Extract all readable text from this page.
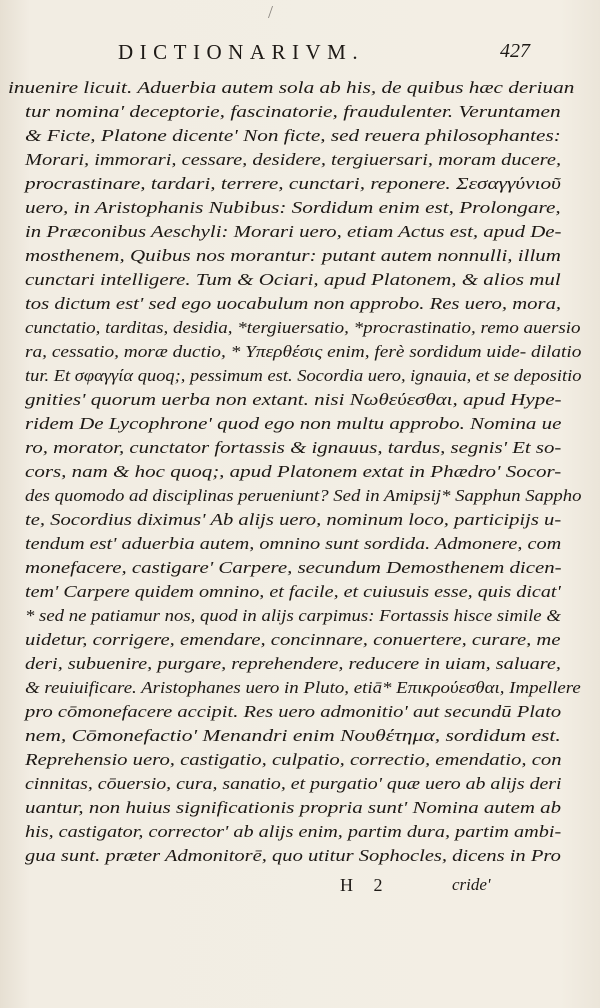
/
DICTIONARIVM.	427
inuenire licuit. Aduerbia autem sola ab his, de quibus hæc deriuan
tur nomina' deceptorie, fascinatorie, fraudulenter. Veruntamen
& Ficte, Platone dicente' Non ficte, sed reuera philosophantes:
Morari, immorari, cessare, desidere, tergiuersari, moram ducere,
procrastinare, tardari, terrere, cunctari, reponere. Σεσαγγύνιοῦ
uero, in Aristophanis Nubibus: Sordidum enim est, Prolongare,
in Præconibus Aeschyli: Morari uero, etiam Actus est, apud De-
mosthenem, Quibus nos morantur: putant autem nonnulli, illum
cunctari intelligere. Tum & Ociari, apud Platonem, & alios mul
tos dictum est' sed ego uocabulum non approbo. Res uero, mora,
cunctatio, tarditas, desidia, *tergiuersatio, *procrastinatio, remo auersio
ra, cessatio, moræ ductio, * Υπερθέσις enim, ferè sordidum uide- dilatio
tur. Et σφαγγία quoq;, pessimum est. Socordia uero, ignauia, et se depositio
gnities' quorum uerba non extant. nisi Νωθεύεσθαι, apud Hype-
ridem De Lycophrone' quod ego non multu approbo. Nomina ue
ro, morator, cunctator fortassis & ignauus, tardus, segnis' Et so-
cors, nam & hoc quoq;, apud Platonem extat in Phædro' Socor-
des quomodo ad disciplinas perueniunt? Sed in Amipsij* Sapphun Sappho
te, Socordius diximus' Ab alijs uero, nominum loco, participijs u-
tendum est' aduerbia autem, omnino sunt sordida. Admonere, com
monefacere, castigare' Carpere, secundum Demosthenem dicen-
tem' Carpere quidem omnino, et facile, et cuiusuis esse, quis dicat'
* sed ne patiamur nos, quod in alijs carpimus: Fortassis hisce simile &
uidetur, corrigere, emendare, concinnare, conuertere, curare, me
deri, subuenire, purgare, reprehendere, reducere in uiam, saluare,
& reuiuificare. Aristophanes uero in Pluto, etiā* Επικρούεσθαι, Impellere
pro cōmonefacere accipit. Res uero admonitio' aut secundū Plato
nem, Cōmonefactio' Menandri enim Νουθέτημα, sordidum est.
Reprehensio uero, castigatio, culpatio, correctio, emendatio, con
cinnitas, cōuersio, cura, sanatio, et purgatio' quæ uero ab alijs deri
uantur, non huius significationis propria sunt' Nomina autem ab
his, castigator, corrector' ab alijs enim, partim dura, partim ambi-
gua sunt. præter Admonitorē, quo utitur Sophocles, dicens in Pro
H 2	cride'
